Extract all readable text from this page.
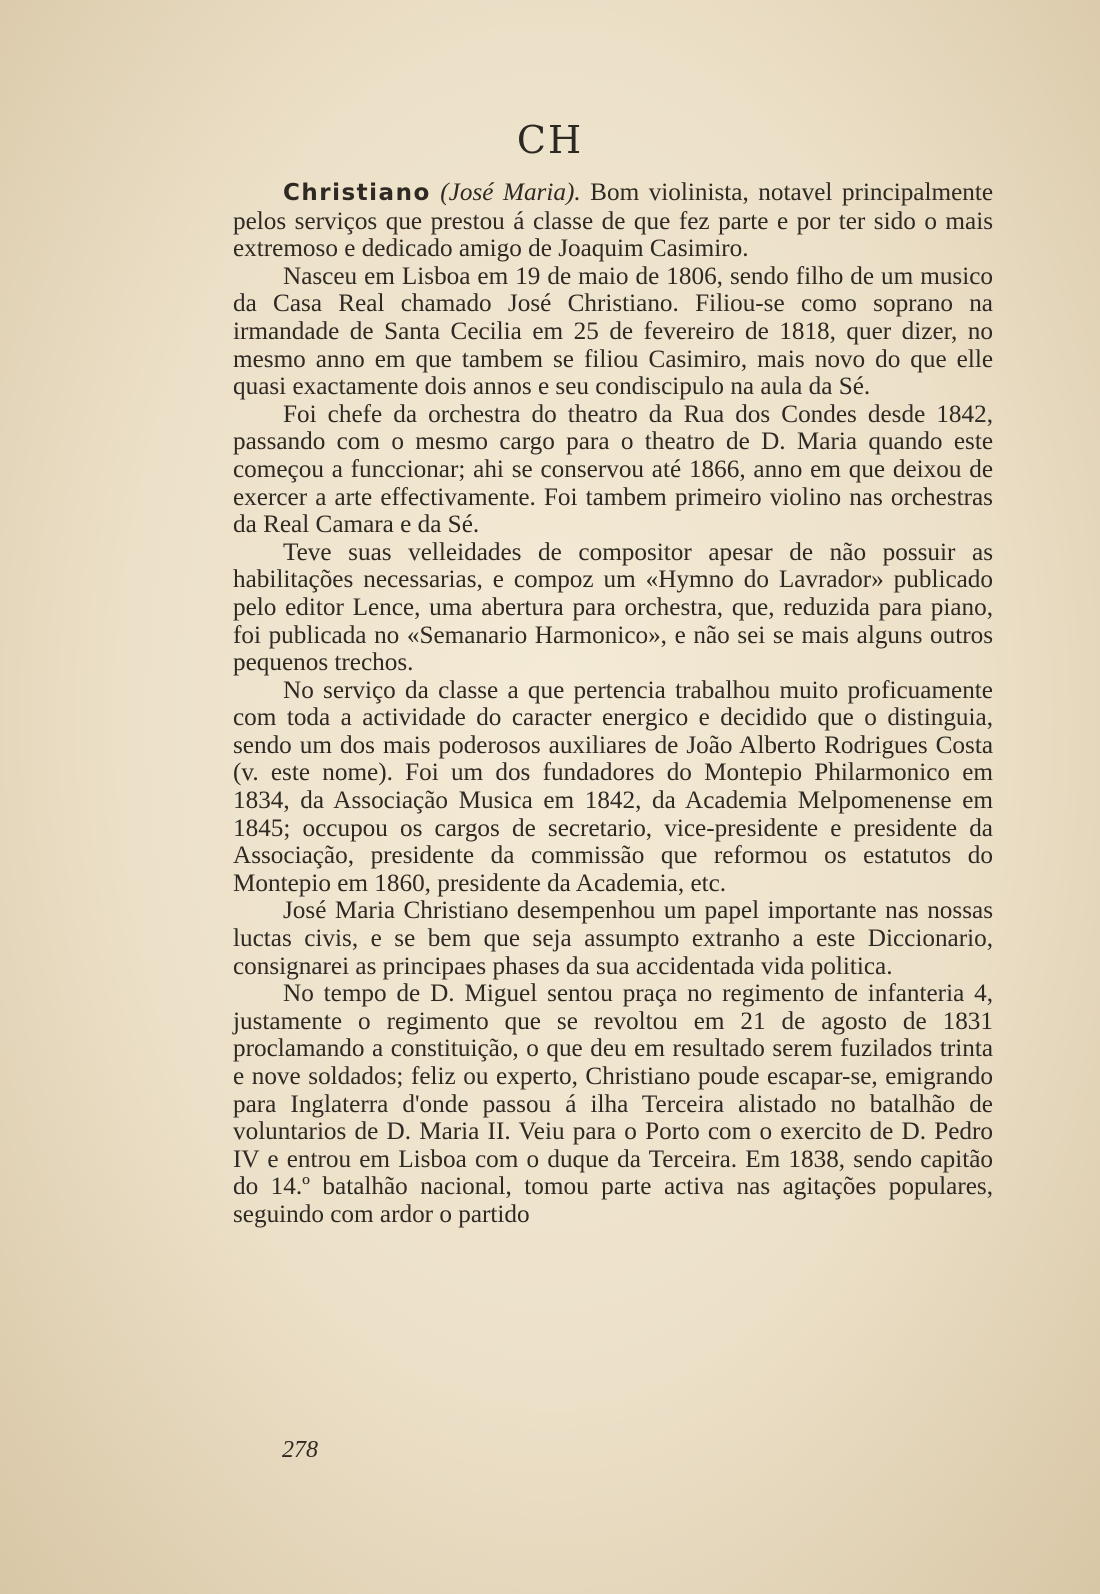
CH

Christiano (José Maria). Bom violinista, notavel principalmente pelos serviços que prestou á classe de que fez parte e por ter sido o mais extremoso e dedicado amigo de Joaquim Casimiro.

Nasceu em Lisboa em 19 de maio de 1806, sendo filho de um musico da Casa Real chamado José Christiano. Filiou-se como soprano na irmandade de Santa Cecilia em 25 de fevereiro de 1818, quer dizer, no mesmo anno em que tambem se filiou Casimiro, mais novo do que elle quasi exactamente dois annos e seu condiscipulo na aula da Sé.

Foi chefe da orchestra do theatro da Rua dos Condes desde 1842, passando com o mesmo cargo para o theatro de D. Maria quando este começou a funccionar; ahi se conservou até 1866, anno em que deixou de exercer a arte effectivamente. Foi tambem primeiro violino nas orchestras da Real Camara e da Sé.

Teve suas velleidades de compositor apesar de não possuir as habilitações necessarias, e compoz um «Hymno do Lavrador» publicado pelo editor Lence, uma abertura para orchestra, que, reduzida para piano, foi publicada no «Semanario Harmonico», e não sei se mais alguns outros pequenos trechos.

No serviço da classe a que pertencia trabalhou muito proficuamente com toda a actividade do caracter energico e decidido que o distinguia, sendo um dos mais poderosos auxiliares de João Alberto Rodrigues Costa (v. este nome). Foi um dos fundadores do Montepio Philarmonico em 1834, da Associação Musica em 1842, da Academia Melpomenense em 1845; occupou os cargos de secretario, vice-presidente e presidente da Associação, presidente da commissão que reformou os estatutos do Montepio em 1860, presidente da Academia, etc.

José Maria Christiano desempenhou um papel importante nas nossas luctas civis, e se bem que seja assumpto extranho a este Diccionario, consignarei as principaes phases da sua accidentada vida politica.

No tempo de D. Miguel sentou praça no regimento de infanteria 4, justamente o regimento que se revoltou em 21 de agosto de 1831 proclamando a constituição, o que deu em resultado serem fuzilados trinta e nove soldados; feliz ou experto, Christiano poude escapar-se, emigrando para Inglaterra d'onde passou á ilha Terceira alistado no batalhão de voluntarios de D. Maria II. Veiu para o Porto com o exercito de D. Pedro IV e entrou em Lisboa com o duque da Terceira. Em 1838, sendo capitão do 14.º batalhão nacional, tomou parte activa nas agitações populares, seguindo com ardor o partido

278
